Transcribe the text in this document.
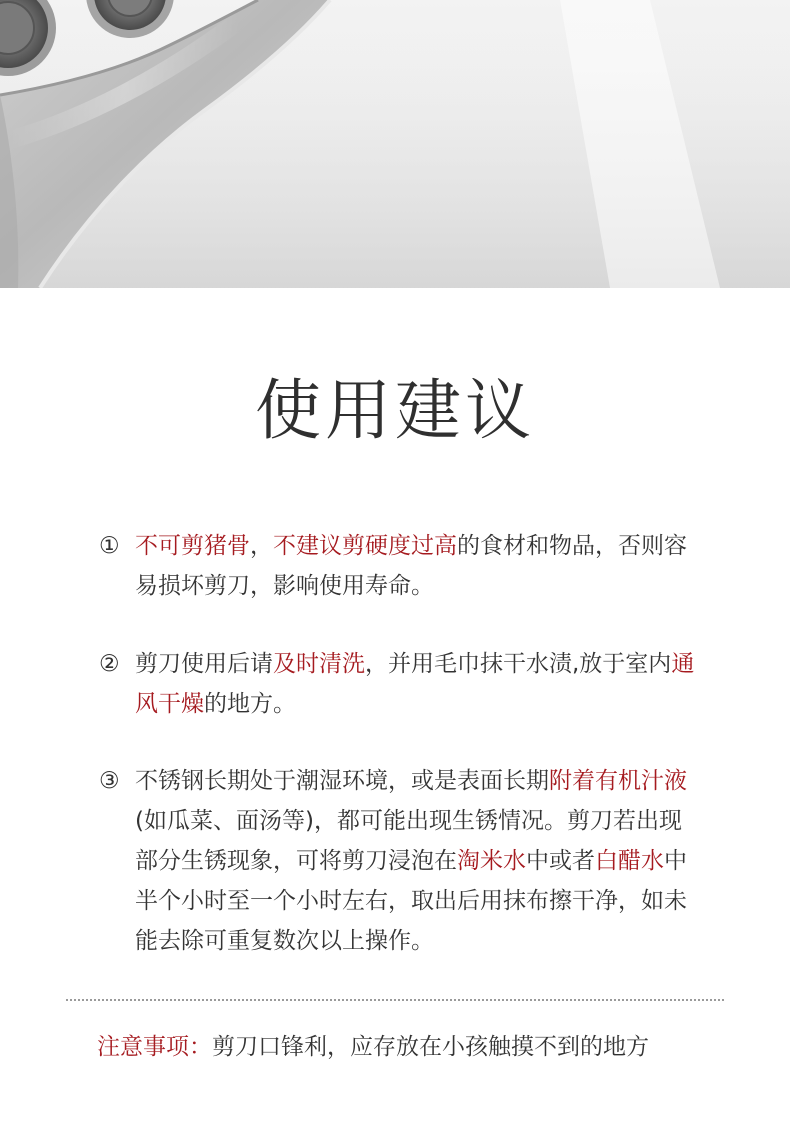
使用建议
① 不可剪猪骨，不建议剪硬度过高的食材和物品，否则容易损坏剪刀，影响使用寿命。
② 剪刀使用后请及时清洗，并用毛巾抹干水渍,放于室内通风干燥的地方。
③ 不锈钢长期处于潮湿环境，或是表面长期附着有机汁液(如瓜菜、面汤等)，都可能出现生锈情况。剪刀若出现部分生锈现象，可将剪刀浸泡在淘米水中或者白醋水中半个小时至一个小时左右，取出后用抹布擦干净，如未能去除可重复数次以上操作。
注意事项：剪刀口锋利，应存放在小孩触摸不到的地方
